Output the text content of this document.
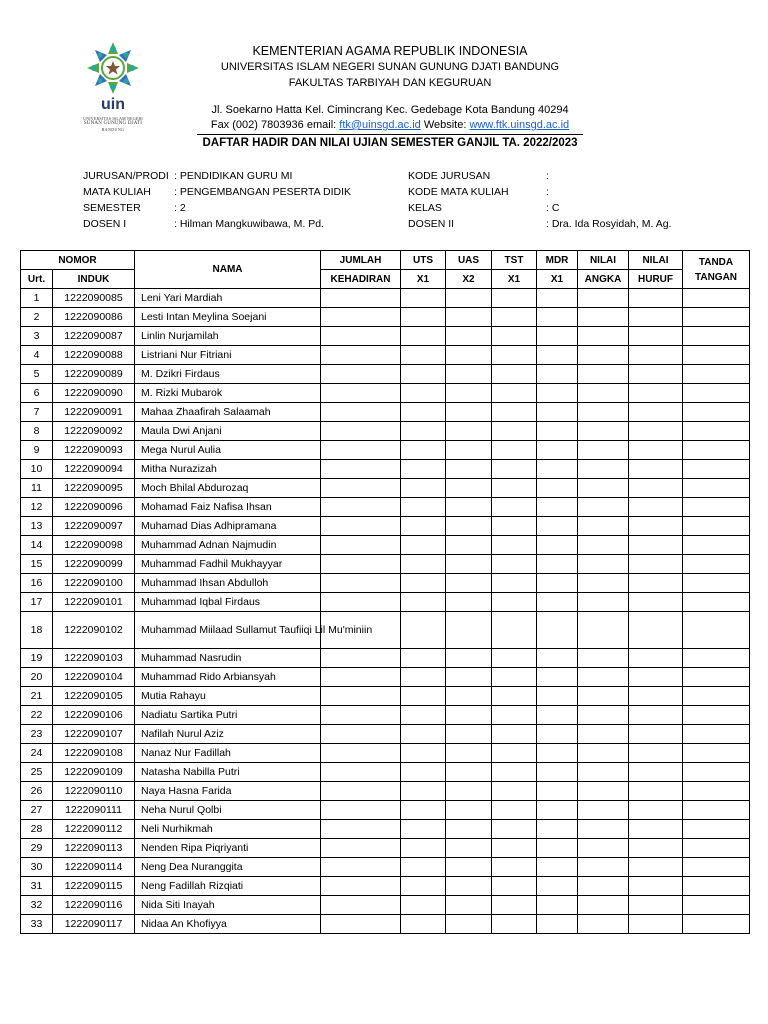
uin
UNIVERSITAS ISLAM NEGERI
SUNAN GUNUNG DJATI
BANDUNG
KEMENTERIAN AGAMA REPUBLIK INDONESIA
UNIVERSITAS ISLAM NEGERI SUNAN GUNUNG DJATI BANDUNG
FAKULTAS TARBIYAH DAN KEGURUAN
Jl. Soekarno Hatta Kel. Cimincrang Kec. Gedebage Kota Bandung 40294
Fax (002) 7803936 email: ftk@uinsgd.ac.id Website: www.ftk.uinsgd.ac.id
DAFTAR HADIR DAN NILAI UJIAN SEMESTER GANJIL TA. 2022/2023
JURUSAN/PRODI : PENDIDIKAN GURU MI
MATA KULIAH : PENGEMBANGAN PESERTA DIDIK
SEMESTER	: 2
DOSEN I	: Hilman Mangkuwibawa, M. Pd.
KODE JURUSAN	:
KODE MATA KULIAH	:
KELAS	: C
DOSEN II	: Dra. Ida Rosyidah, M. Ag.
NOMOR		NAMA	JUMLAH	UTS	UAS	TST	MDR	NILAI	NILAI	TANDA
TANGAN
Urt.	INDUK		KEHADIRAN	X1	X2	X1	X1	ANGKA	HURUF	
1	1222090085	Leni Yari Mardiah								
2	1222090086	Lesti Intan Meylina Soejani								
3	1222090087	Linlin Nurjamilah								
4	1222090088	Listriani Nur Fitriani								
5	1222090089	M. Dzikri Firdaus								
6	1222090090	M. Rizki Mubarok								
7	1222090091	Mahaa Zhaafirah Salaamah								
8	1222090092	Maula Dwi Anjani								
9	1222090093	Mega Nurul Aulia								
10	1222090094	Mitha Nurazizah								
11	1222090095	Moch Bhilal Abdurozaq								
12	1222090096	Mohamad Faiz Nafisa Ihsan								
13	1222090097	Muhamad Dias Adhipramana								
14	1222090098	Muhammad Adnan Najmudin								
15	1222090099	Muhammad Fadhil Mukhayyar								
16	1222090100	Muhammad Ihsan Abdulloh								
17	1222090101	Muhammad Iqbal Firdaus								
18	1222090102	Muhammad Miilaad Sullamut Taufiiqi Lil Mu'miniin								
19	1222090103	Muhammad Nasrudin								
20	1222090104	Muhammad Rido Arbiansyah								
21	1222090105	Mutia Rahayu								
22	1222090106	Nadiatu Sartika Putri								
23	1222090107	Nafilah Nurul Aziz								
24	1222090108	Nanaz Nur Fadillah								
25	1222090109	Natasha Nabilla Putri								
26	1222090110	Naya Hasna Farida								
27	1222090111	Neha Nurul Qolbi								
28	1222090112	Neli Nurhikmah								
29	1222090113	Nenden Ripa Piqriyanti								
30	1222090114	Neng Dea Nuranggita								
31	1222090115	Neng Fadillah Rizqiati								
32	1222090116	Nida Siti Inayah								
33	1222090117	Nidaa An Khofiyya								
